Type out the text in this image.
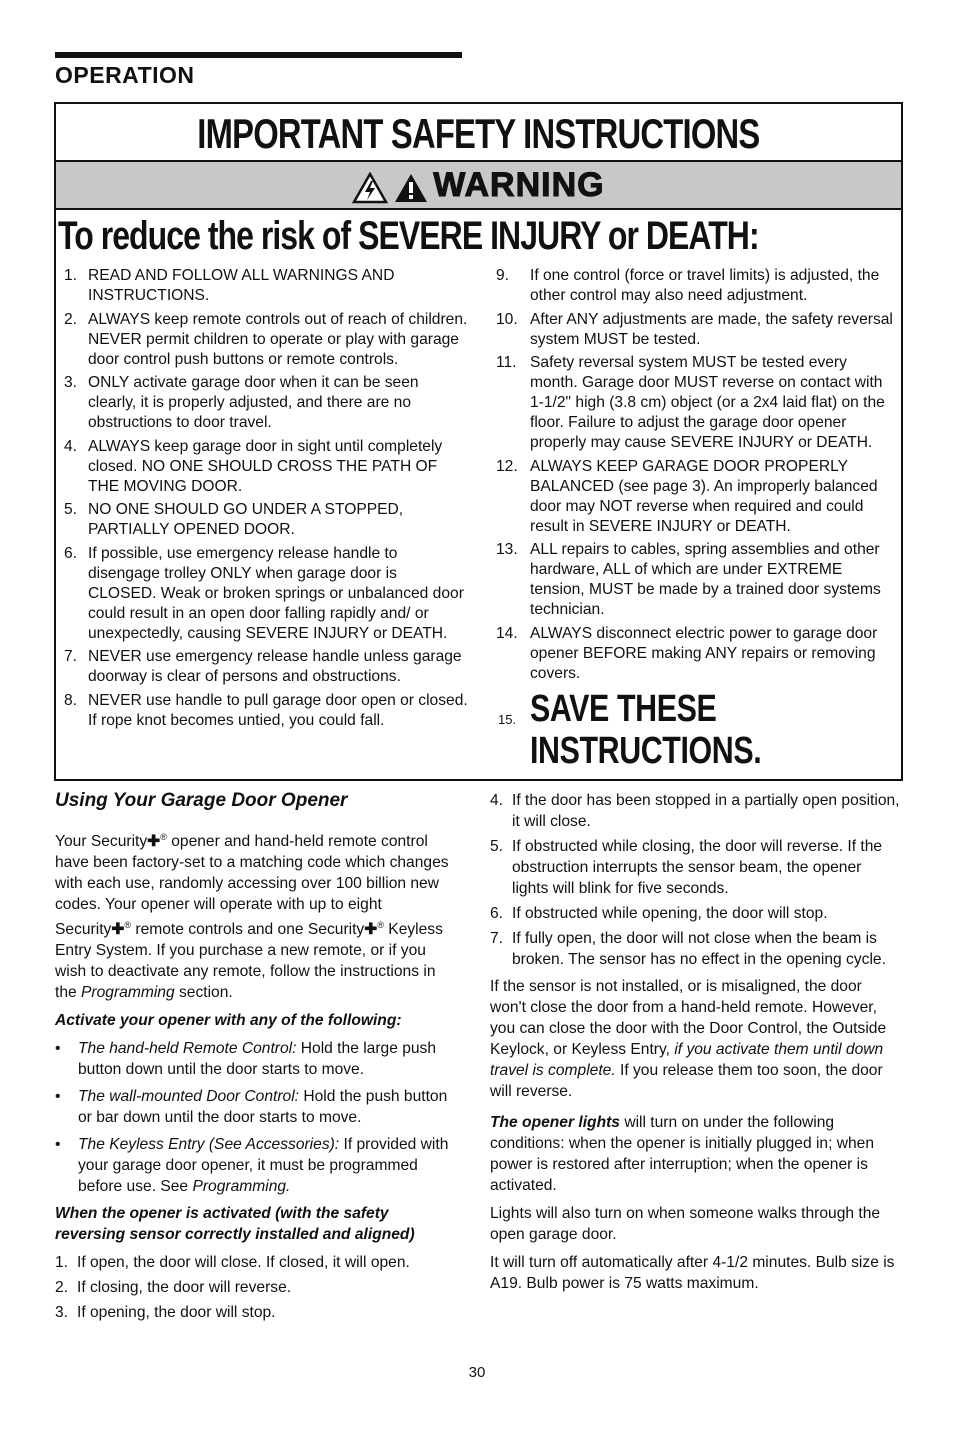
OPERATION
IMPORTANT SAFETY INSTRUCTIONS
WARNING
To reduce the risk of SEVERE INJURY or DEATH:
1. READ AND FOLLOW ALL WARNINGS AND INSTRUCTIONS.
2. ALWAYS keep remote controls out of reach of children. NEVER permit children to operate or play with garage door control push buttons or remote controls.
3. ONLY activate garage door when it can be seen clearly, it is properly adjusted, and there are no obstructions to door travel.
4. ALWAYS keep garage door in sight until completely closed. NO ONE SHOULD CROSS THE PATH OF THE MOVING DOOR.
5. NO ONE SHOULD GO UNDER A STOPPED, PARTIALLY OPENED DOOR.
6. If possible, use emergency release handle to disengage trolley ONLY when garage door is CLOSED. Weak or broken springs or unbalanced door could result in an open door falling rapidly and/ or unexpectedly, causing SEVERE INJURY or DEATH.
7. NEVER use emergency release handle unless garage doorway is clear of persons and obstructions.
8. NEVER use handle to pull garage door open or closed. If rope knot becomes untied, you could fall.
9. If one control (force or travel limits) is adjusted, the other control may also need adjustment.
10. After ANY adjustments are made, the safety reversal system MUST be tested.
11. Safety reversal system MUST be tested every month. Garage door MUST reverse on contact with 1-1/2" high (3.8 cm) object (or a 2x4 laid flat) on the floor. Failure to adjust the garage door opener properly may cause SEVERE INJURY or DEATH.
12. ALWAYS KEEP GARAGE DOOR PROPERLY BALANCED (see page 3). An improperly balanced door may NOT reverse when required and could result in SEVERE INJURY or DEATH.
13. ALL repairs to cables, spring assemblies and other hardware, ALL of which are under EXTREME tension, MUST be made by a trained door systems technician.
14. ALWAYS disconnect electric power to garage door opener BEFORE making ANY repairs or removing covers.
15. SAVE THESE
INSTRUCTIONS.
Using Your Garage Door Opener

Your Security✚® opener and hand-held remote control have been factory-set to a matching code which changes with each use, randomly accessing over 100 billion new codes. Your opener will operate with up to eight Security✚® remote controls and one Security✚® Keyless Entry System. If you purchase a new remote, or if you wish to deactivate any remote, follow the instructions in the Programming section.

Activate your opener with any of the following:

• The hand-held Remote Control: Hold the large push button down until the door starts to move.
• The wall-mounted Door Control: Hold the push button or bar down until the door starts to move.
• The Keyless Entry (See Accessories): If provided with your garage door opener, it must be programmed before use. See Programming.

When the opener is activated (with the safety reversing sensor correctly installed and aligned)

1. If open, the door will close. If closed, it will open.
2. If closing, the door will reverse.
3. If opening, the door will stop.
4. If the door has been stopped in a partially open position, it will close.
5. If obstructed while closing, the door will reverse. If the obstruction interrupts the sensor beam, the opener lights will blink for five seconds.
6. If obstructed while opening, the door will stop.
7. If fully open, the door will not close when the beam is broken. The sensor has no effect in the opening cycle.

If the sensor is not installed, or is misaligned, the door won't close the door from a hand-held remote. However, you can close the door with the Door Control, the Outside Keylock, or Keyless Entry, if you activate them until down travel is complete. If you release them too soon, the door will reverse.

The opener lights will turn on under the following conditions: when the opener is initially plugged in; when power is restored after interruption; when the opener is activated.

Lights will also turn on when someone walks through the open garage door.

It will turn off automatically after 4-1/2 minutes. Bulb size is A19. Bulb power is 75 watts maximum.

30
